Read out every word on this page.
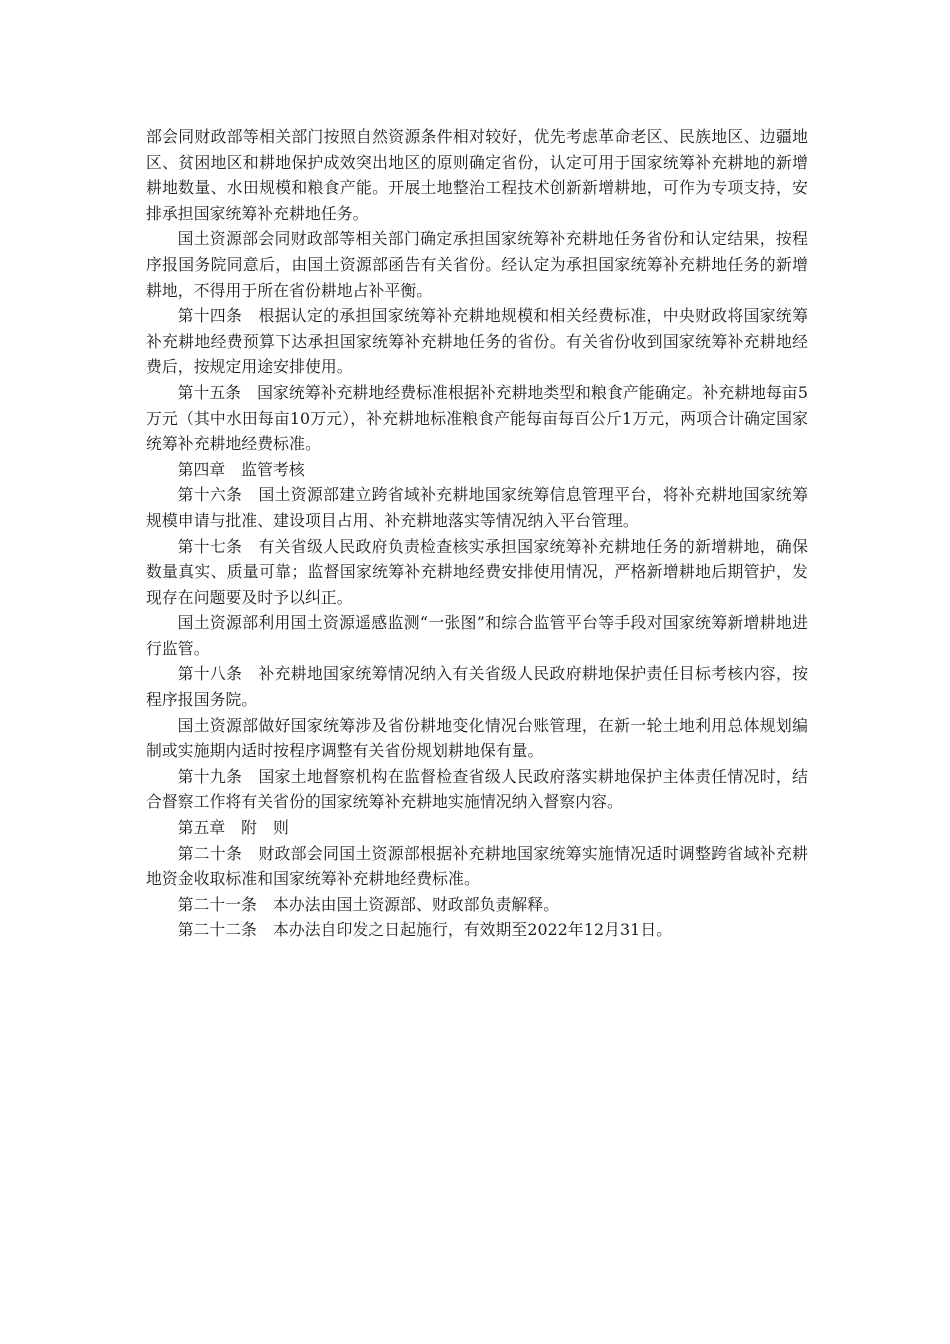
部会同财政部等相关部门按照自然资源条件相对较好，优先考虑革命老区、民族地区、边疆地区、贫困地区和耕地保护成效突出地区的原则确定省份，认定可用于国家统筹补充耕地的新增耕地数量、水田规模和粮食产能。开展土地整治工程技术创新新增耕地，可作为专项支持，安排承担国家统筹补充耕地任务。

国土资源部会同财政部等相关部门确定承担国家统筹补充耕地任务省份和认定结果，按程序报国务院同意后，由国土资源部函告有关省份。经认定为承担国家统筹补充耕地任务的新增耕地，不得用于所在省份耕地占补平衡。

第十四条　根据认定的承担国家统筹补充耕地规模和相关经费标准，中央财政将国家统筹补充耕地经费预算下达承担国家统筹补充耕地任务的省份。有关省份收到国家统筹补充耕地经费后，按规定用途安排使用。

第十五条　国家统筹补充耕地经费标准根据补充耕地类型和粮食产能确定。补充耕地每亩5万元（其中水田每亩10万元），补充耕地标准粮食产能每亩每百公斤1万元，两项合计确定国家统筹补充耕地经费标准。

第四章　监管考核

第十六条　国土资源部建立跨省域补充耕地国家统筹信息管理平台，将补充耕地国家统筹规模申请与批准、建设项目占用、补充耕地落实等情况纳入平台管理。

第十七条　有关省级人民政府负责检查核实承担国家统筹补充耕地任务的新增耕地，确保数量真实、质量可靠；监督国家统筹补充耕地经费安排使用情况，严格新增耕地后期管护，发现存在问题要及时予以纠正。

国土资源部利用国土资源遥感监测“一张图”和综合监管平台等手段对国家统筹新增耕地进行监管。

第十八条　补充耕地国家统筹情况纳入有关省级人民政府耕地保护责任目标考核内容，按程序报国务院。

国土资源部做好国家统筹涉及省份耕地变化情况台账管理，在新一轮土地利用总体规划编制或实施期内适时按程序调整有关省份规划耕地保有量。

第十九条　国家土地督察机构在监督检查省级人民政府落实耕地保护主体责任情况时，结合督察工作将有关省份的国家统筹补充耕地实施情况纳入督察内容。

第五章　附　则

第二十条　财政部会同国土资源部根据补充耕地国家统筹实施情况适时调整跨省域补充耕地资金收取标准和国家统筹补充耕地经费标准。

第二十一条　本办法由国土资源部、财政部负责解释。

第二十二条　本办法自印发之日起施行，有效期至2022年12月31日。
